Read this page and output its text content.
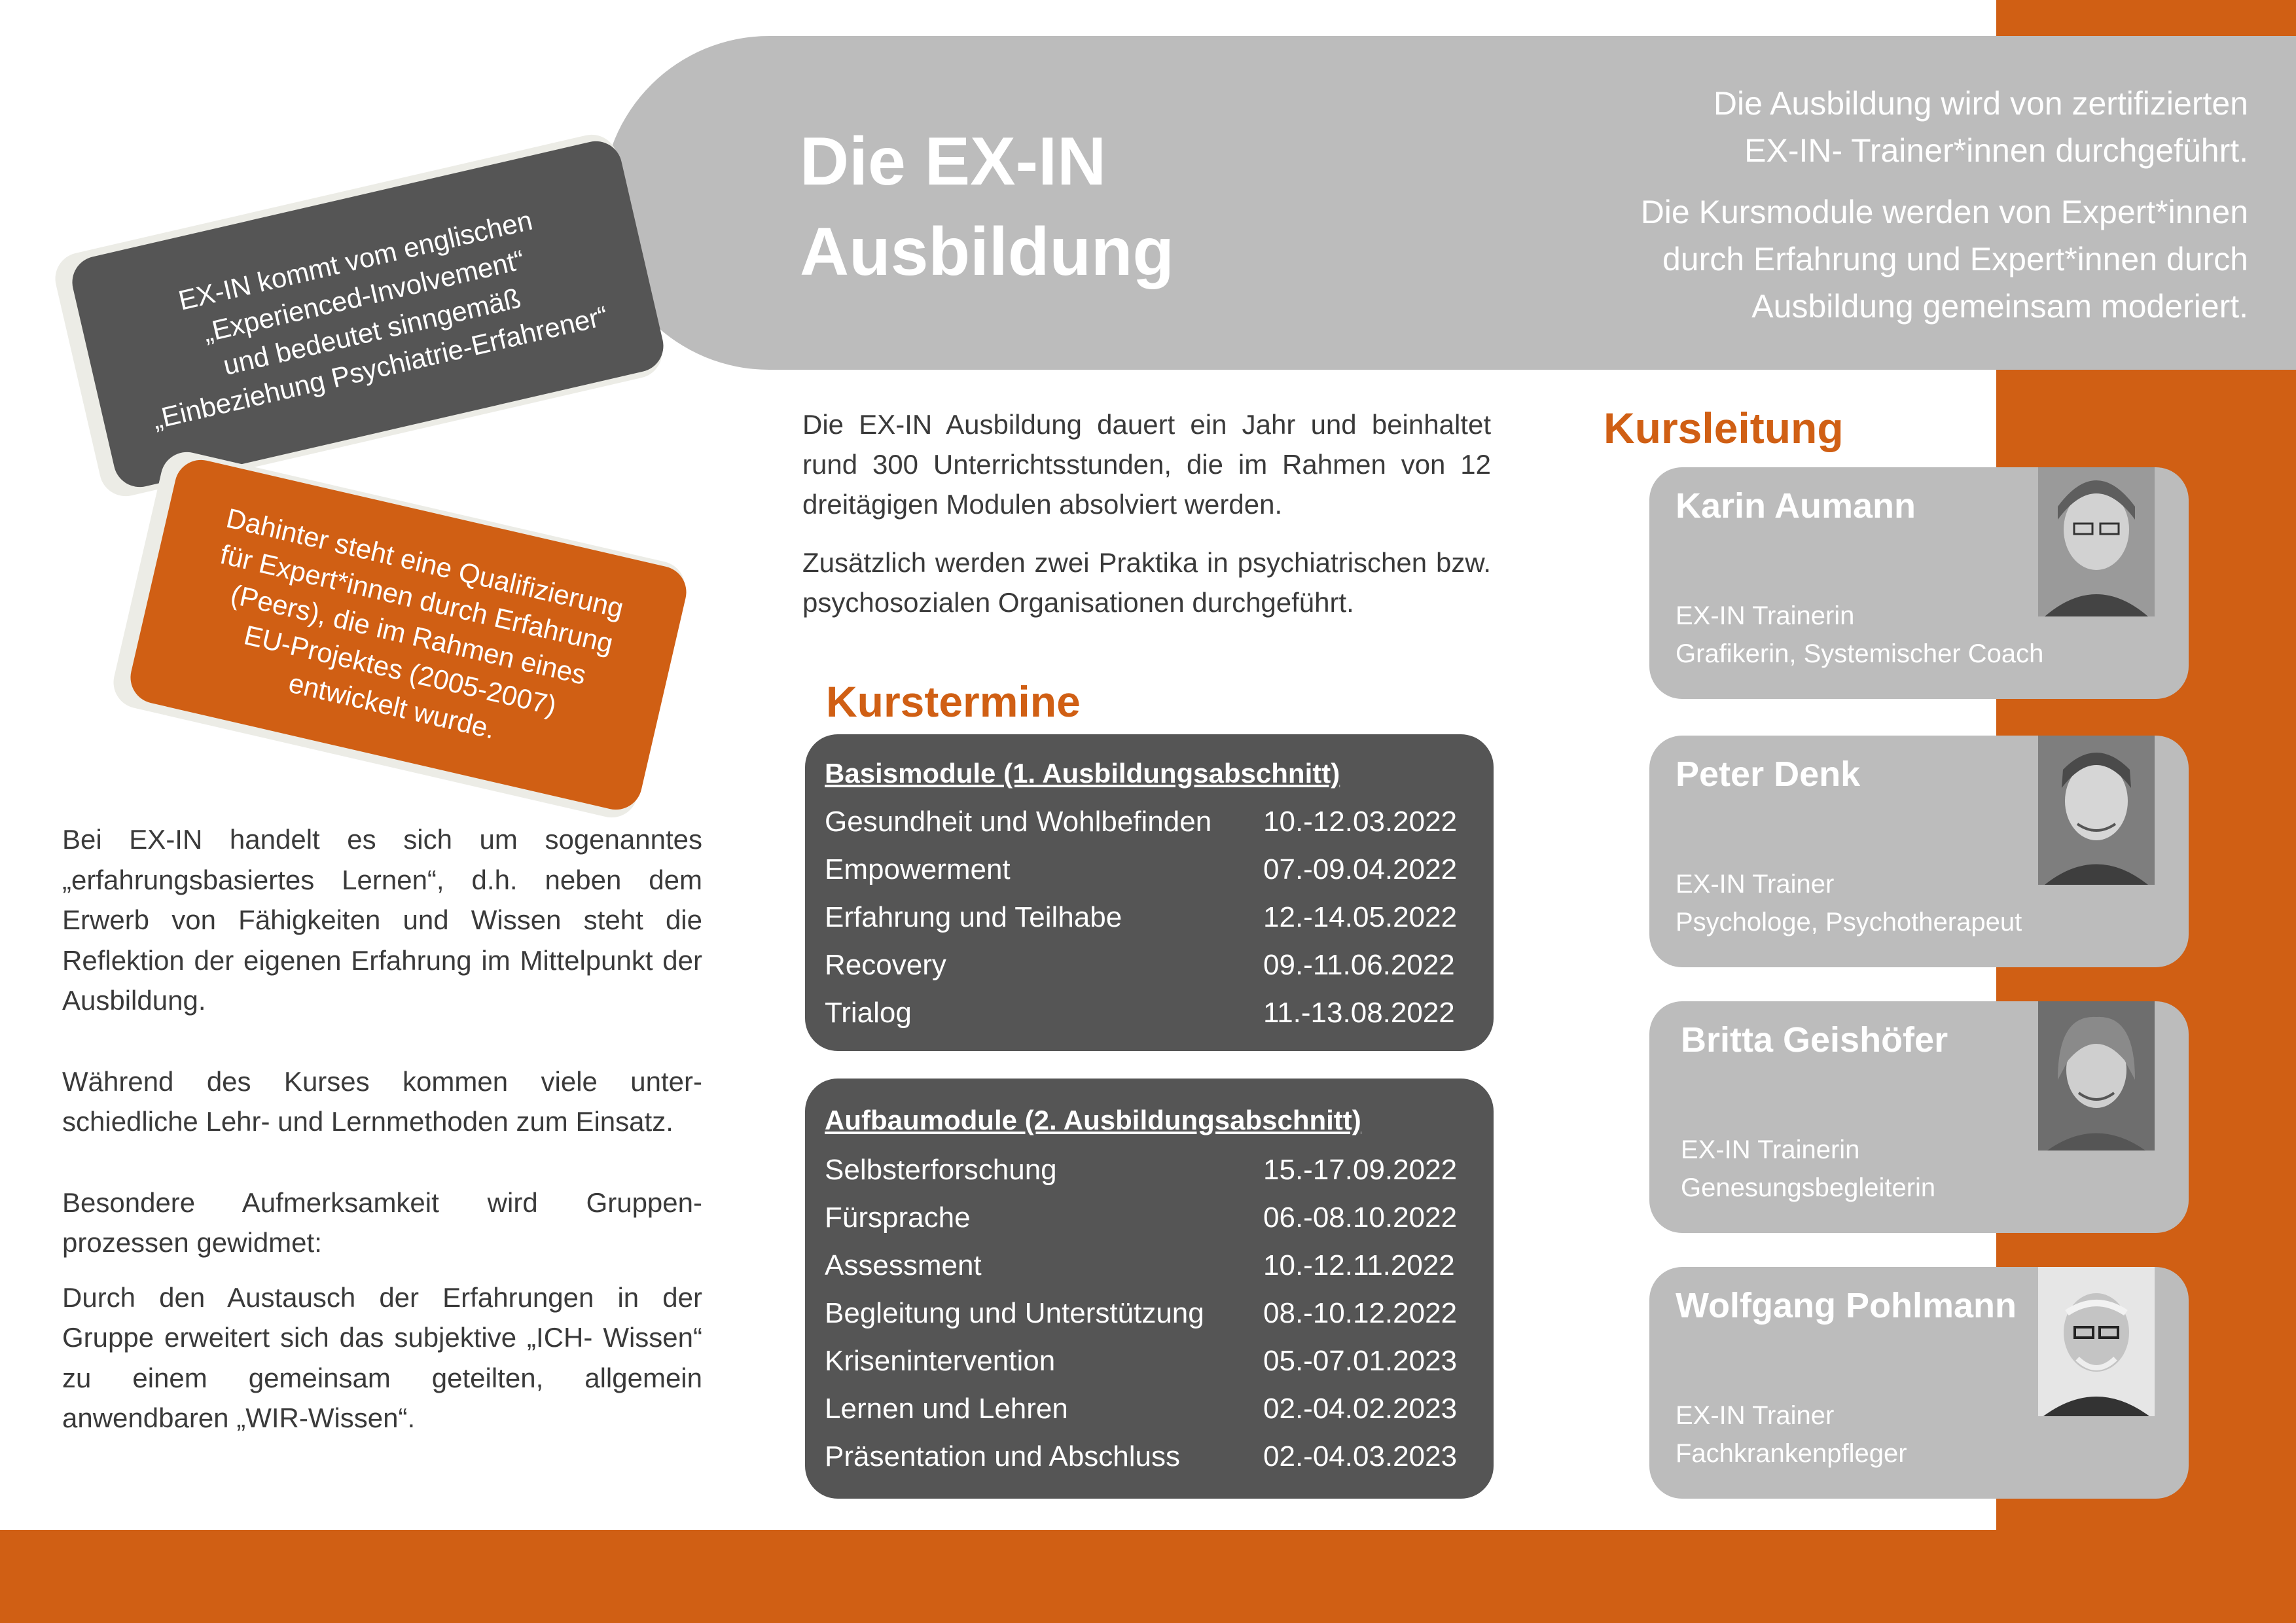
Die EX-IN
Ausbildung

Die Ausbildung wird von zertifizierten
EX-IN- Trainer*innen durchgeführt.

Die Kursmodule werden von Expert*innen
durch Erfahrung und Expert*innen durch
Ausbildung gemeinsam moderiert.

EX-IN kommt vom englischen
„Experienced-Involvement“
und bedeutet sinngemäß
„Einbeziehung Psychiatrie-Erfahrener“
Dahinter steht eine Qualifizierung
für Expert*innen durch Erfahrung
(Peers), die im Rahmen eines
EU-Projektes (2005-2007)
entwickelt wurde.

Bei EX-IN handelt es sich um sogenanntes „erfahrungsbasiertes Lernen“, d.h. neben dem Erwerb von Fähigkeiten und Wissen steht die Reflektion der eigenen Erfahrung im Mittelpunkt der Ausbildung.

Während des Kurses kommen viele unter- schiedliche Lehr- und Lernmethoden zum Einsatz.

Besondere Aufmerksamkeit wird Gruppen- prozessen gewidmet:

Durch den Austausch der Erfahrungen in der Gruppe erweitert sich das subjektive „ICH- Wissen“ zu einem gemeinsam geteilten, allgemein anwendbaren „WIR-Wissen“.

Die EX-IN Ausbildung dauert ein Jahr und beinhaltet rund 300 Unterrichtsstunden, die im Rahmen von 12 dreitägigen Modulen absolviert werden.

Zusätzlich werden zwei Praktika in psychiatrischen bzw. psychosozialen Organisationen durchgeführt.

Kurstermine
Basismodule (1. Ausbildungsabschnitt)
Gesundheit und Wohlbefinden 10.-12.03.2022
Empowerment	07.-09.04.2022
Erfahrung und Teilhabe	12.-14.05.2022
Recovery	09.-11.06.2022
Trialog	11.-13.08.2022
Aufbaumodule (2. Ausbildungsabschnitt)
Selbsterforschung	15.-17.09.2022
Fürsprache	06.-08.10.2022
Assessment	10.-12.11.2022
Begleitung und Unterstützung 08.-10.12.2022
Krisenintervention	05.-07.01.2023
Lernen und Lehren	02.-04.02.2023
Präsentation und Abschluss	02.-04.03.2023
Kursleitung
Karin Aumann
EX-IN Trainerin
Grafikerin, Systemischer Coach
Peter Denk
EX-IN Trainer
Psychologe, Psychotherapeut
Britta Geishöfer
EX-IN Trainerin
Genesungsbegleiterin
Wolfgang Pohlmann
EX-IN Trainer
Fachkrankenpfleger
